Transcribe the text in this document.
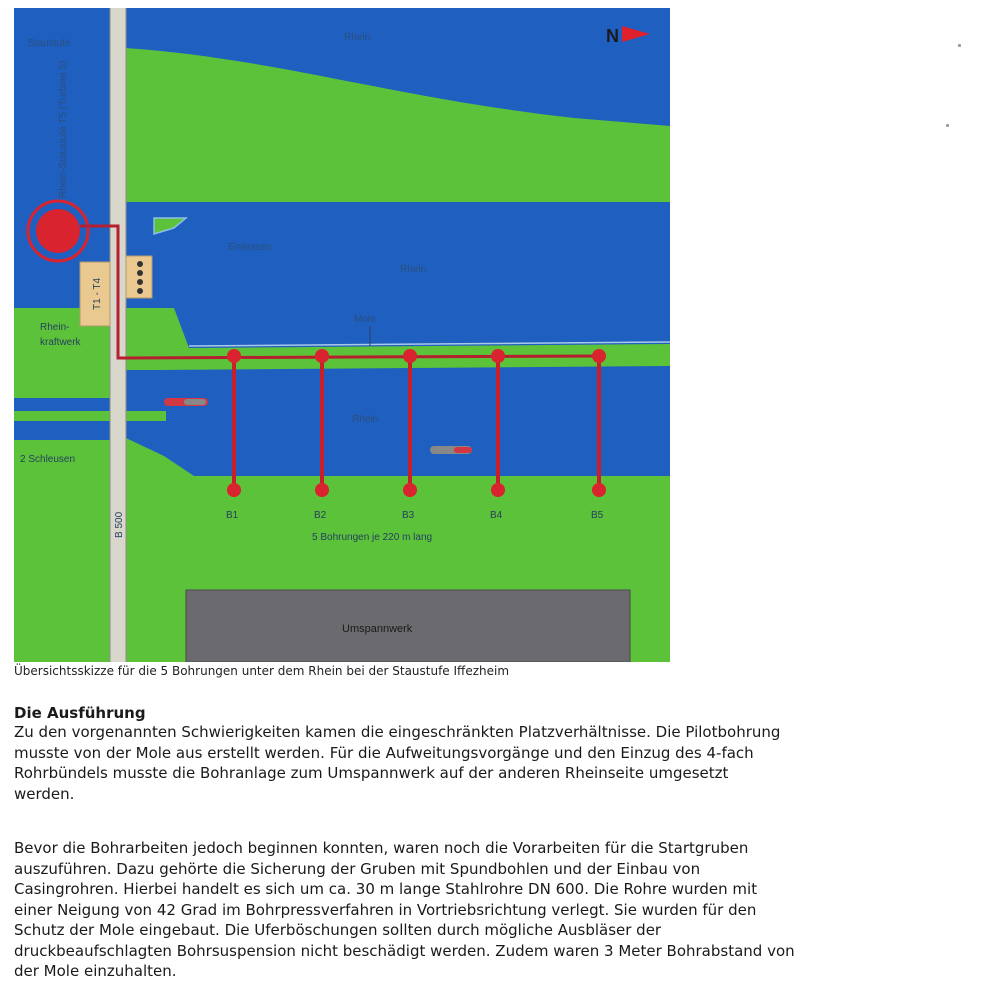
N
B1	B2	B3	B4	B5
Staustufe
Rhein
Rhein-Staustufe T5 (Turbine 5)
Einlassen
Rhein
T1 - T4
Rhein-
kraftwerk
Mole
Rhein
2 Schleusen
B 500	5 Bohrungen je 220 m lang
Umspannwerk
Übersichtsskizze für die 5 Bohrungen unter dem Rhein bei der Staustufe Iffezheim
Die Ausführung

Zu den vorgenannten Schwierigkeiten kamen die eingeschränkten Platzverhältnisse. Die Pilotbohrung
musste von der Mole aus erstellt werden. Für die Aufweitungsvorgänge und den Einzug des 4-fach
Rohrbündels musste die Bohranlage zum Umspannwerk auf der anderen Rheinseite umgesetzt
werden.

Bevor die Bohrarbeiten jedoch beginnen konnten, waren noch die Vorarbeiten für die Startgruben
auszuführen. Dazu gehörte die Sicherung der Gruben mit Spundbohlen und der Einbau von
Casingrohren. Hierbei handelt es sich um ca. 30 m lange Stahlrohre DN 600. Die Rohre wurden mit
einer Neigung von 42 Grad im Bohrpressverfahren in Vortriebsrichtung verlegt. Sie wurden für den
Schutz der Mole eingebaut. Die Uferböschungen sollten durch mögliche Ausbläser der
druckbeaufschlagten Bohrsuspension nicht beschädigt werden. Zudem waren 3 Meter Bohrabstand von
der Mole einzuhalten.
